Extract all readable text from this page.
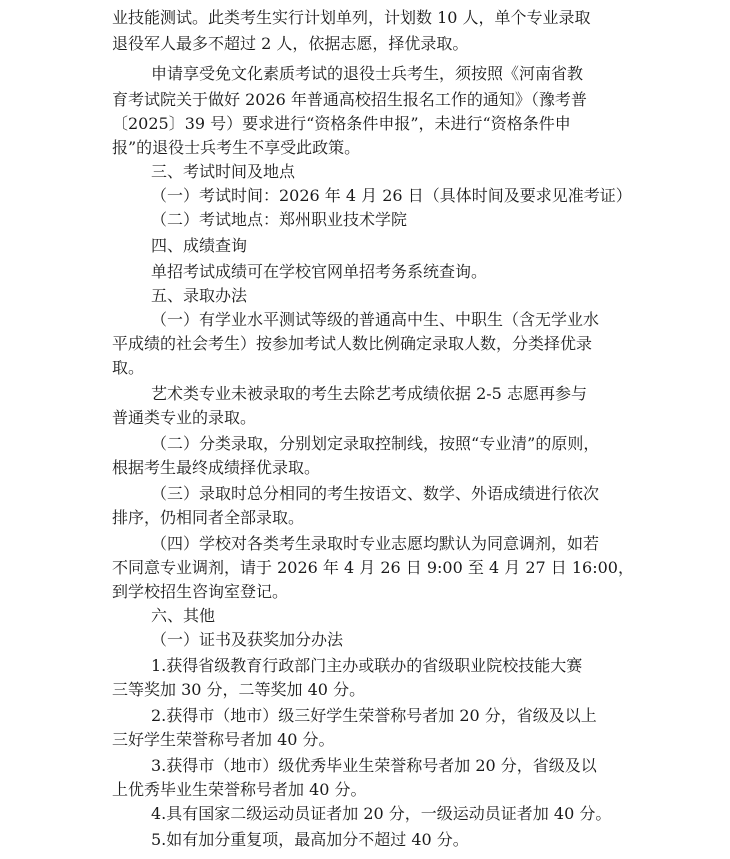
业技能测试。此类考生实行计划单列，计划数 10 人，单个专业录取
退役军人最多不超过 2 人，依据志愿，择优录取。
申请享受免文化素质考试的退役士兵考生，须按照《河南省教
育考试院关于做好 2026 年普通高校招生报名工作的通知》（豫考普
〔2025〕39 号）要求进行“资格条件申报”，未进行“资格条件申
报”的退役士兵考生不享受此政策。
三、考试时间及地点
（一）考试时间：2026 年 4 月 26 日（具体时间及要求见准考证）
（二）考试地点：郑州职业技术学院
四、成绩查询
单招考试成绩可在学校官网单招考务系统查询。
五、录取办法
（一）有学业水平测试等级的普通高中生、中职生（含无学业水
平成绩的社会考生）按参加考试人数比例确定录取人数，分类择优录
取。
艺术类专业未被录取的考生去除艺考成绩依据 2-5 志愿再参与
普通类专业的录取。
（二）分类录取，分别划定录取控制线，按照“专业清”的原则，
根据考生最终成绩择优录取。
（三）录取时总分相同的考生按语文、数学、外语成绩进行依次
排序，仍相同者全部录取。
（四）学校对各类考生录取时专业志愿均默认为同意调剂，如若
不同意专业调剂，请于 2026 年 4 月 26 日 9:00 至 4 月 27 日 16:00，
到学校招生咨询室登记。
六、其他
（一）证书及获奖加分办法
1.获得省级教育行政部门主办或联办的省级职业院校技能大赛
三等奖加 30 分，二等奖加 40 分。
2.获得市（地市）级三好学生荣誉称号者加 20 分，省级及以上
三好学生荣誉称号者加 40 分。
3.获得市（地市）级优秀毕业生荣誉称号者加 20 分，省级及以
上优秀毕业生荣誉称号者加 40 分。
4.具有国家二级运动员证者加 20 分，一级运动员证者加 40 分。
5.如有加分重复项，最高加分不超过 40 分。
